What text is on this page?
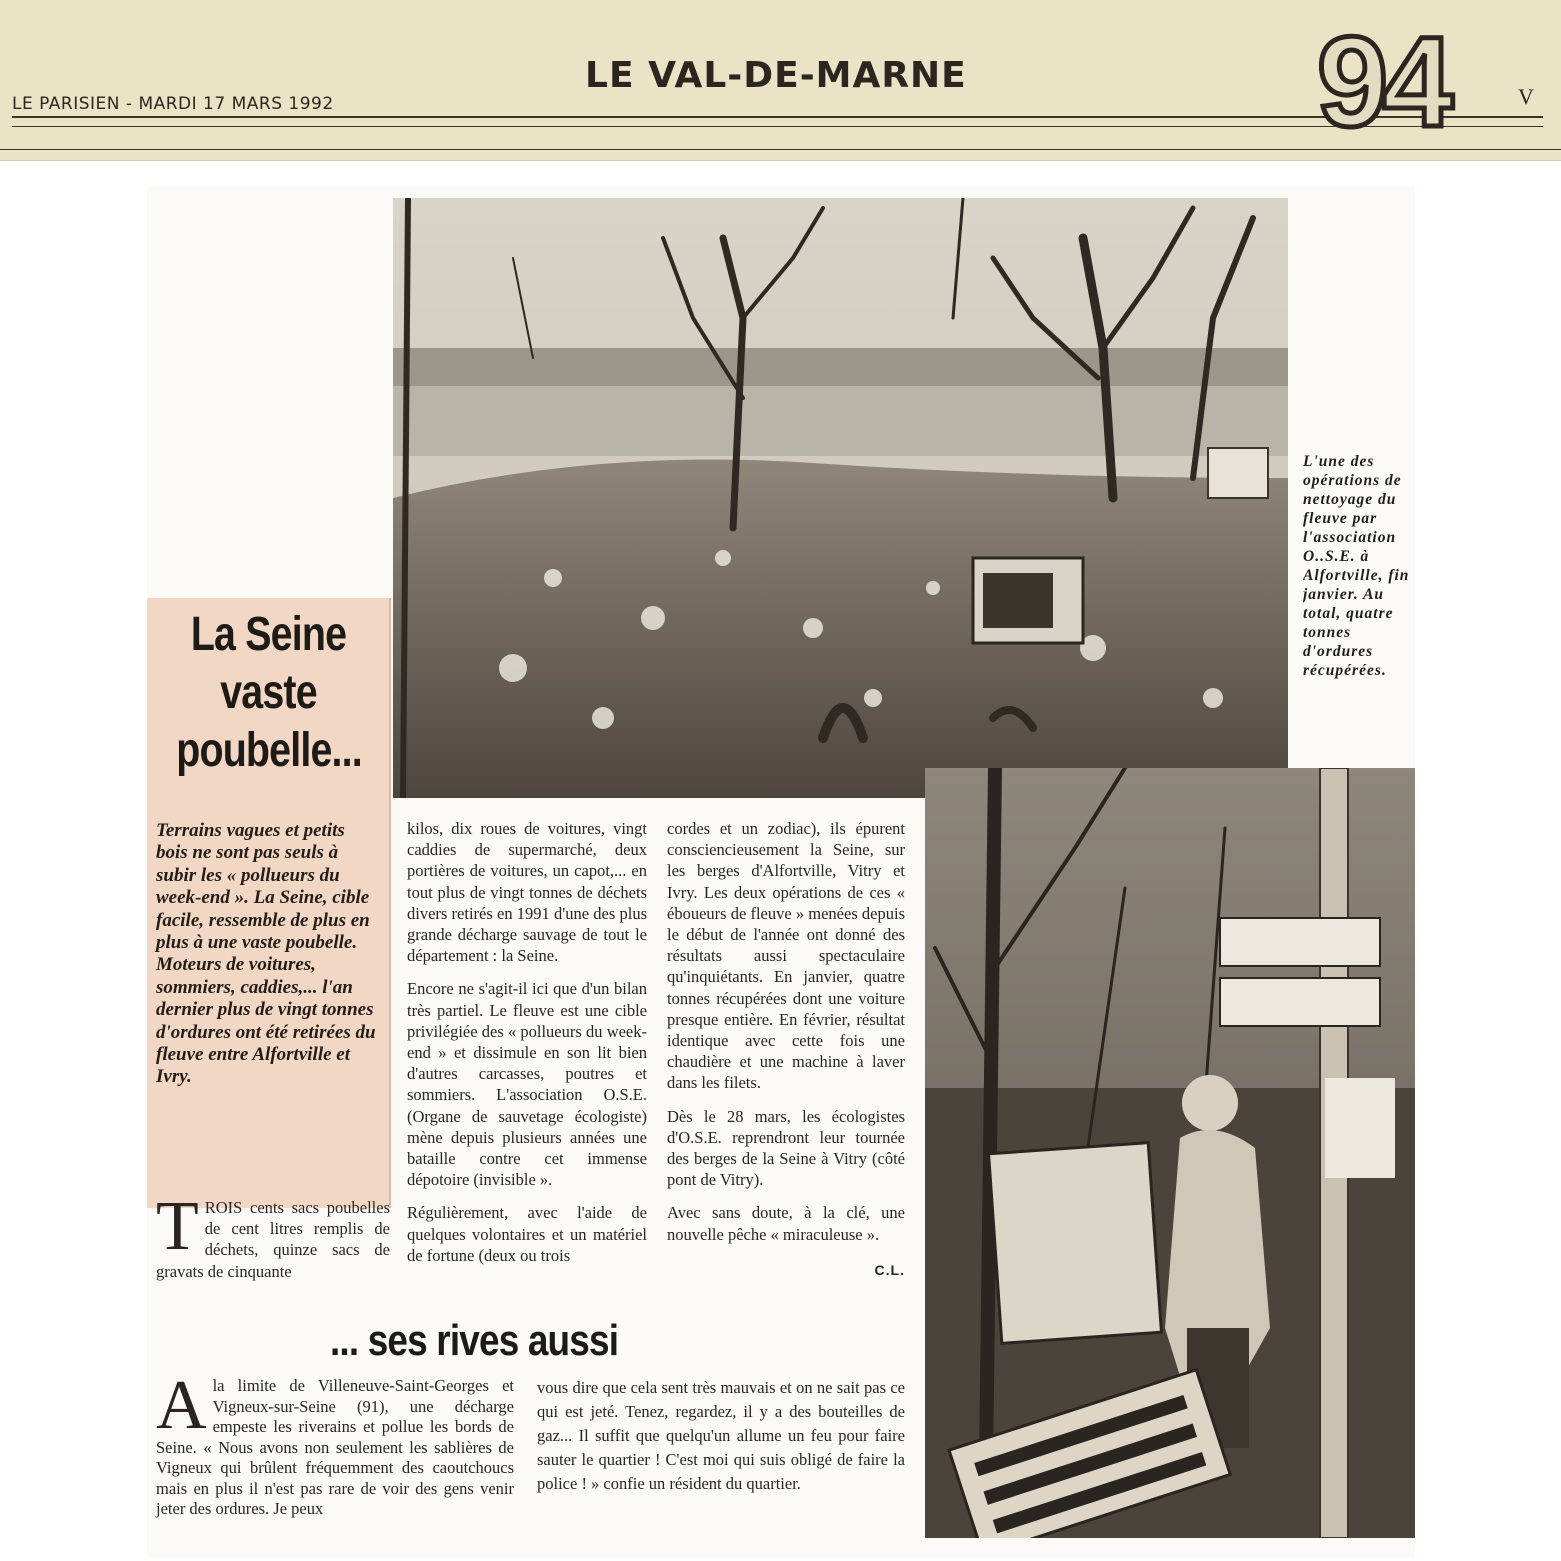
LE VAL-DE-MARNE
LE PARISIEN - MARDI 17 MARS 1992	94	V
L'une des opérations de nettoyage du fleuve par l'association O..S.E. à Alfortville, fin janvier. Au total, quatre tonnes d'ordures récupérées.
La Seine vaste poubelle...
Terrains vagues et petits bois ne sont pas seuls à subir les « pollueurs du week-end ». La Seine, cible facile, ressemble de plus en plus à une vaste poubelle. Moteurs de voitures, sommiers, caddies,... l'an dernier plus de vingt tonnes d'ordures ont été retirées du fleuve entre Alfortville et Ivry.
TROIS cents sacs poubelles de cent litres remplis de déchets, quinze sacs de gravats de cinquante

kilos, dix roues de voitures, vingt caddies de supermarché, deux portières de voitures, un capot,... en tout plus de vingt tonnes de déchets divers retirés en 1991 d'une des plus grande décharge sauvage de tout le département : la Seine.

Encore ne s'agit-il ici que d'un bilan très partiel. Le fleuve est une cible privilégiée des « pollueurs du week-end » et dissimule en son lit bien d'autres carcasses, poutres et sommiers. L'association O.S.E. (Organe de sauvetage écologiste) mène depuis plusieurs années une bataille contre cet immense dépotoire (invisible ».

Régulièrement, avec l'aide de quelques volontaires et un matériel de fortune (deux ou trois

cordes et un zodiac), ils épurent consciencieusement la Seine, sur les berges d'Alfortville, Vitry et Ivry. Les deux opérations de ces « éboueurs de fleuve » menées depuis le début de l'année ont donné des résultats aussi spectaculaire qu'inquiétants. En janvier, quatre tonnes récupérées dont une voiture presque entière. En février, résultat identique avec cette fois une chaudière et une machine à laver dans les filets.

Dès le 28 mars, les écologistes d'O.S.E. reprendront leur tournée des berges de la Seine à Vitry (côté pont de Vitry).

Avec sans doute, à la clé, une nouvelle pêche « miraculeuse ».

C.L.
... ses rives aussi
Ala limite de Villeneuve-Saint-Georges et Vigneux-sur-Seine (91), une décharge empeste les riverains et pollue les bords de Seine. « Nous avons non seulement les sablières de Vigneux qui brûlent fréquemment des caoutchoucs mais en plus il n'est pas rare de voir des gens venir jeter des ordures. Je peux
vous dire que cela sent très mauvais et on ne sait pas ce qui est jeté. Tenez, regardez, il y a des bouteilles de gaz... Il suffit que quelqu'un allume un feu pour faire sauter le quartier ! C'est moi qui suis obligé de faire la police ! » confie un résident du quartier.
